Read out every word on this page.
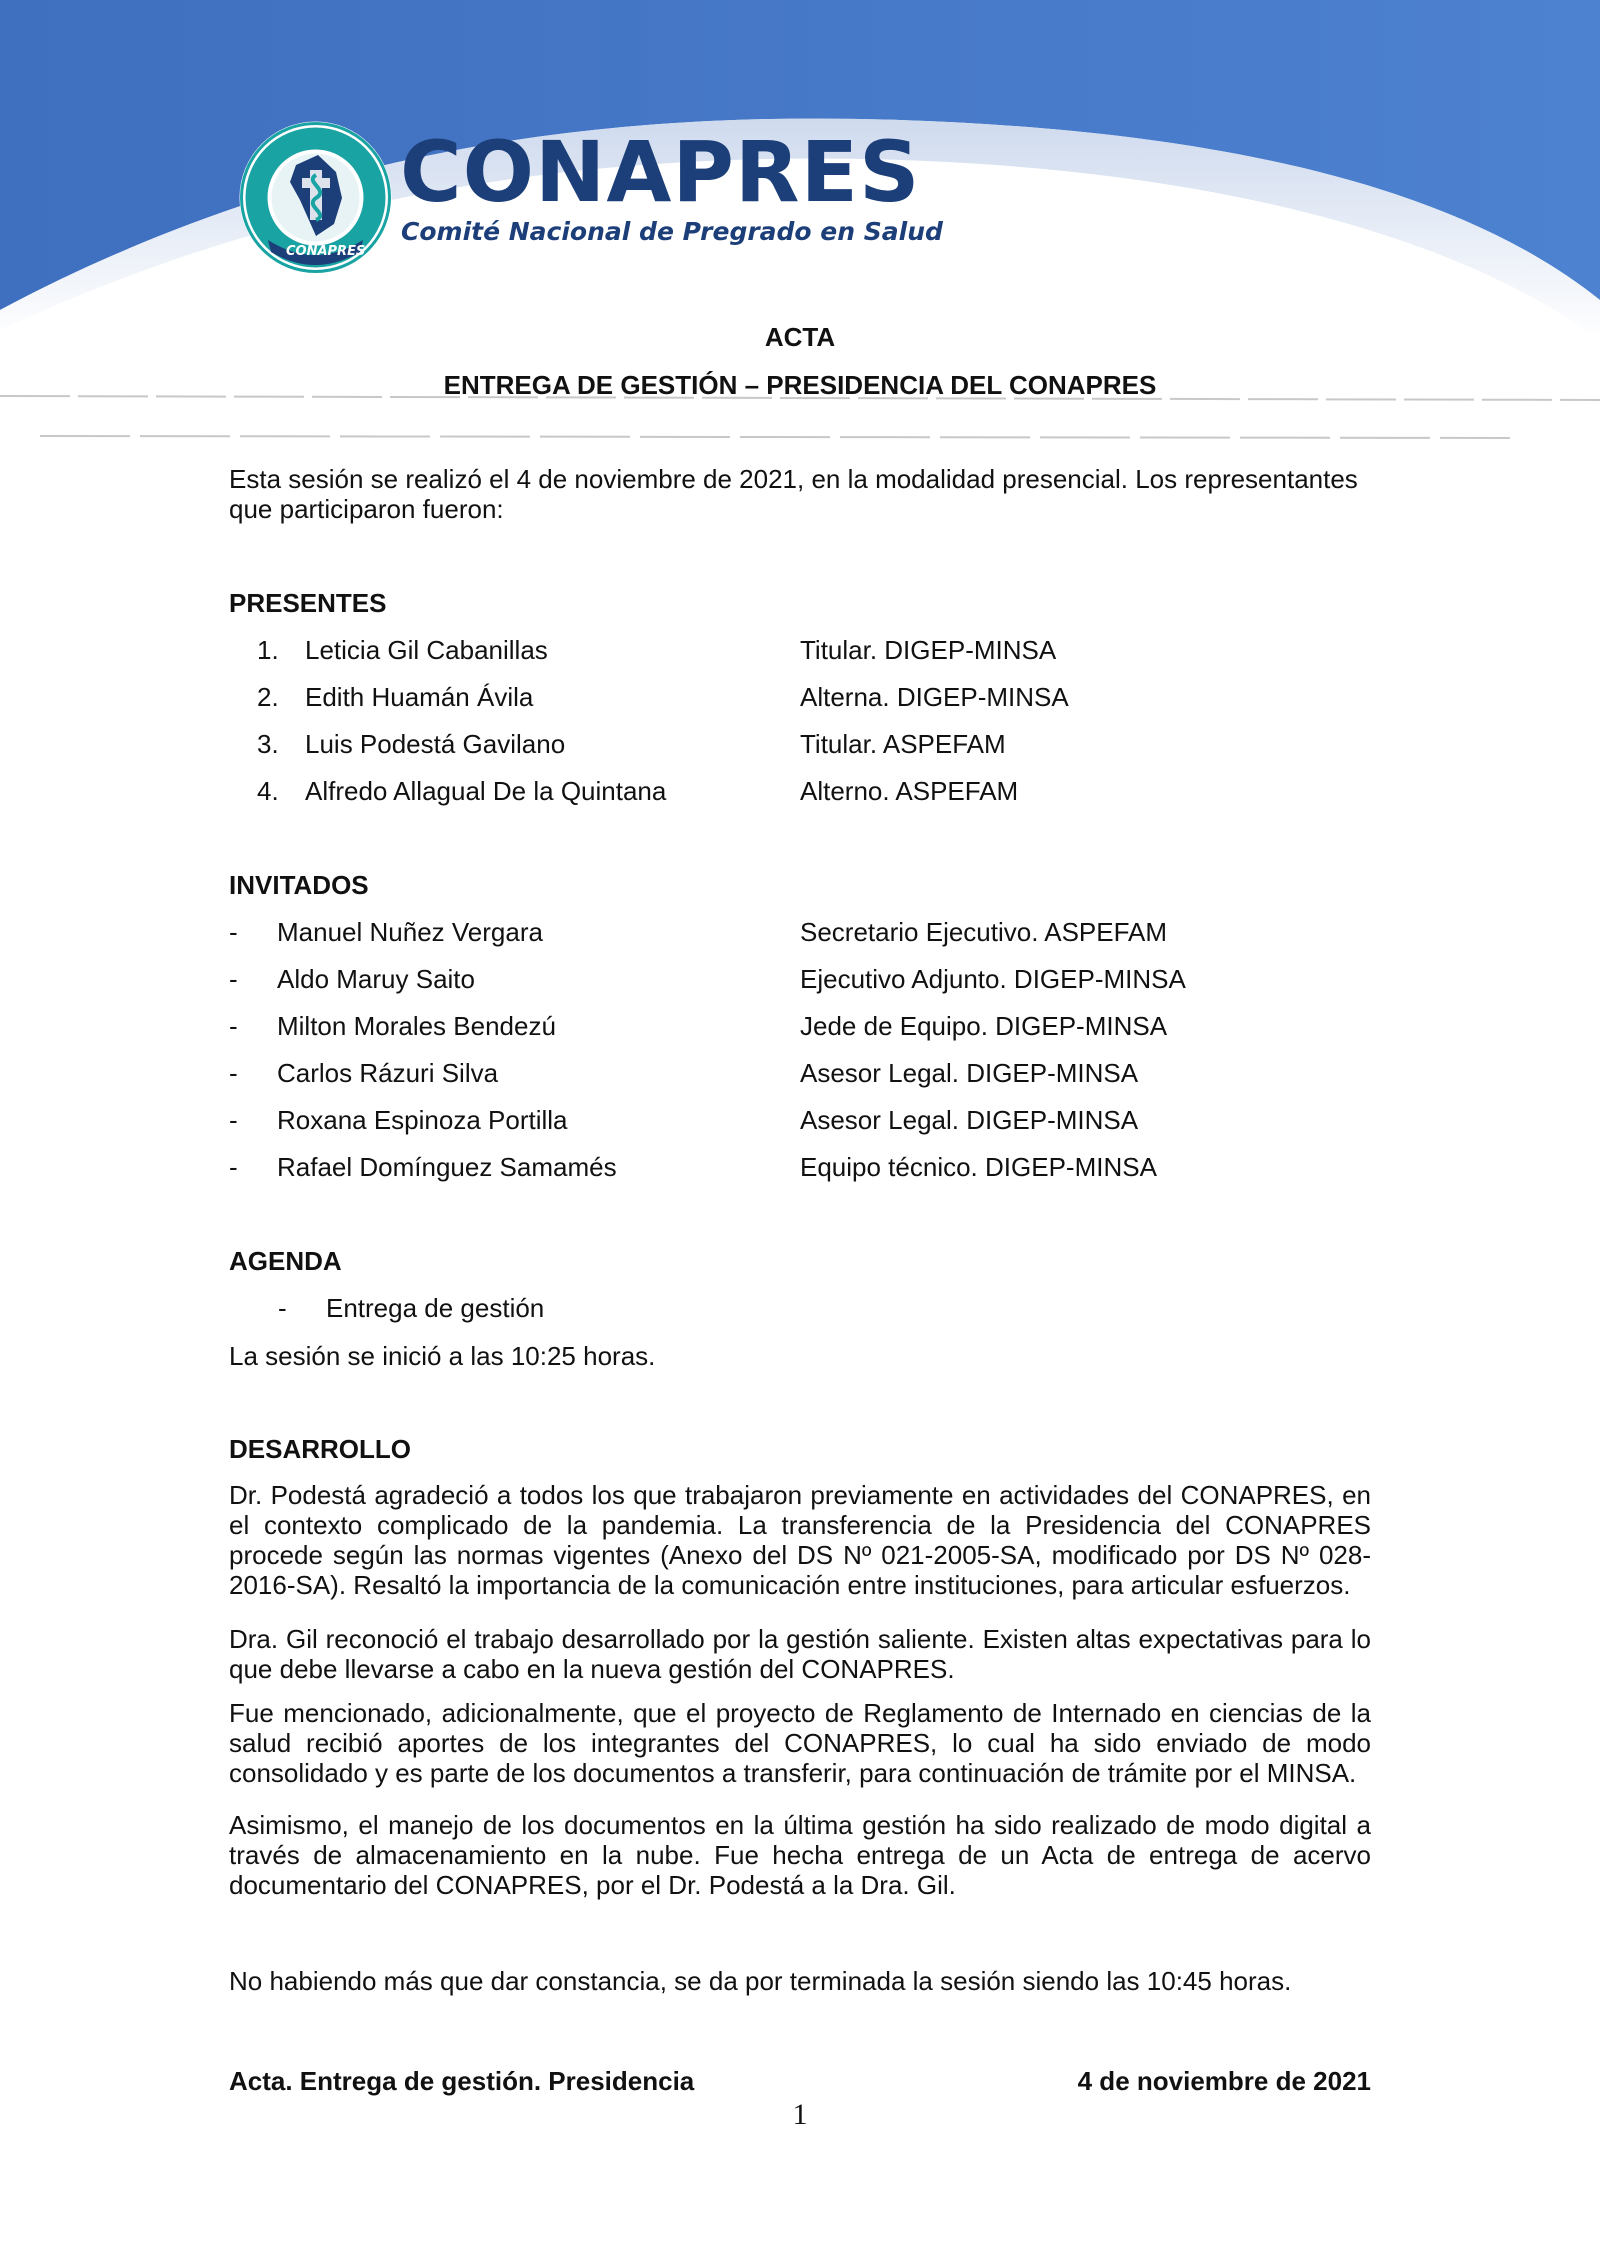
CONAPRES
CONAPRES
Comité Nacional de Pregrado en Salud
ACTA
ENTREGA DE GESTIÓN – PRESIDENCIA DEL CONAPRES
Esta sesión se realizó el 4 de noviembre de 2021, en la modalidad presencial. Los representantes que participaron fueron:
PRESENTES
1. Leticia Gil Cabanillas	Titular. DIGEP-MINSA
2. Edith Huamán Ávila	Alterna. DIGEP-MINSA
3. Luis Podestá Gavilano	Titular. ASPEFAM
4. Alfredo Allagual De la Quintana	Alterno. ASPEFAM
INVITADOS
- Manuel Nuñez Vergara	Secretario Ejecutivo. ASPEFAM
- Aldo Maruy Saito	Ejecutivo Adjunto. DIGEP-MINSA
- Milton Morales Bendezú	Jede de Equipo. DIGEP-MINSA
- Carlos Rázuri Silva	Asesor Legal. DIGEP-MINSA
- Roxana Espinoza Portilla	Asesor Legal. DIGEP-MINSA
- Rafael Domínguez Samamés	Equipo técnico. DIGEP-MINSA
AGENDA
- Entrega de gestión
La sesión se inició a las 10:25 horas.
DESARROLLO
Dr. Podestá agradeció a todos los que trabajaron previamente en actividades del CONAPRES, en el contexto complicado de la pandemia. La transferencia de la Presidencia del CONAPRES procede según las normas vigentes (Anexo del DS Nº 021-2005-SA, modificado por DS Nº 028-2016-SA). Resaltó la importancia de la comunicación entre instituciones, para articular esfuerzos.
Dra. Gil reconoció el trabajo desarrollado por la gestión saliente. Existen altas expectativas para lo que debe llevarse a cabo en la nueva gestión del CONAPRES.
Fue mencionado, adicionalmente, que el proyecto de Reglamento de Internado en ciencias de la salud recibió aportes de los integrantes del CONAPRES, lo cual ha sido enviado de modo consolidado y es parte de los documentos a transferir, para continuación de trámite por el MINSA.
Asimismo, el manejo de los documentos en la última gestión ha sido realizado de modo digital a través de almacenamiento en la nube. Fue hecha entrega de un Acta de entrega de acervo documentario del CONAPRES, por el Dr. Podestá a la Dra. Gil.
No habiendo más que dar constancia, se da por terminada la sesión siendo las 10:45 horas.
Acta. Entrega de gestión. Presidencia	4 de noviembre de 2021
1
